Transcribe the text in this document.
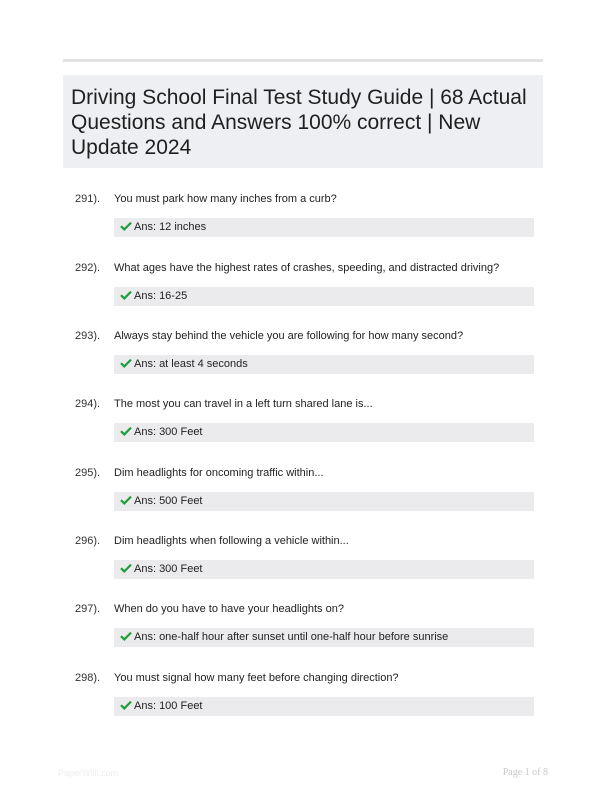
Driving School Final Test Study Guide | 68 Actual Questions and Answers 100% correct | New Update 2024
291). You must park how many inches from a curb?
Ans: 12 inches
292). What ages have the highest rates of crashes, speeding, and distracted driving?
Ans: 16-25
293). Always stay behind the vehicle you are following for how many second?
Ans: at least 4 seconds
294). The most you can travel in a left turn shared lane is...
Ans: 300 Feet
295). Dim headlights for oncoming traffic within...
Ans: 500 Feet
296). Dim headlights when following a vehicle within...
Ans: 300 Feet
297). When do you have to have your headlights on?
Ans: one-half hour after sunset until one-half hour before sunrise
298). You must signal how many feet before changing direction?
Ans: 100 Feet
PaperWilli.com	Page 1 of 8
